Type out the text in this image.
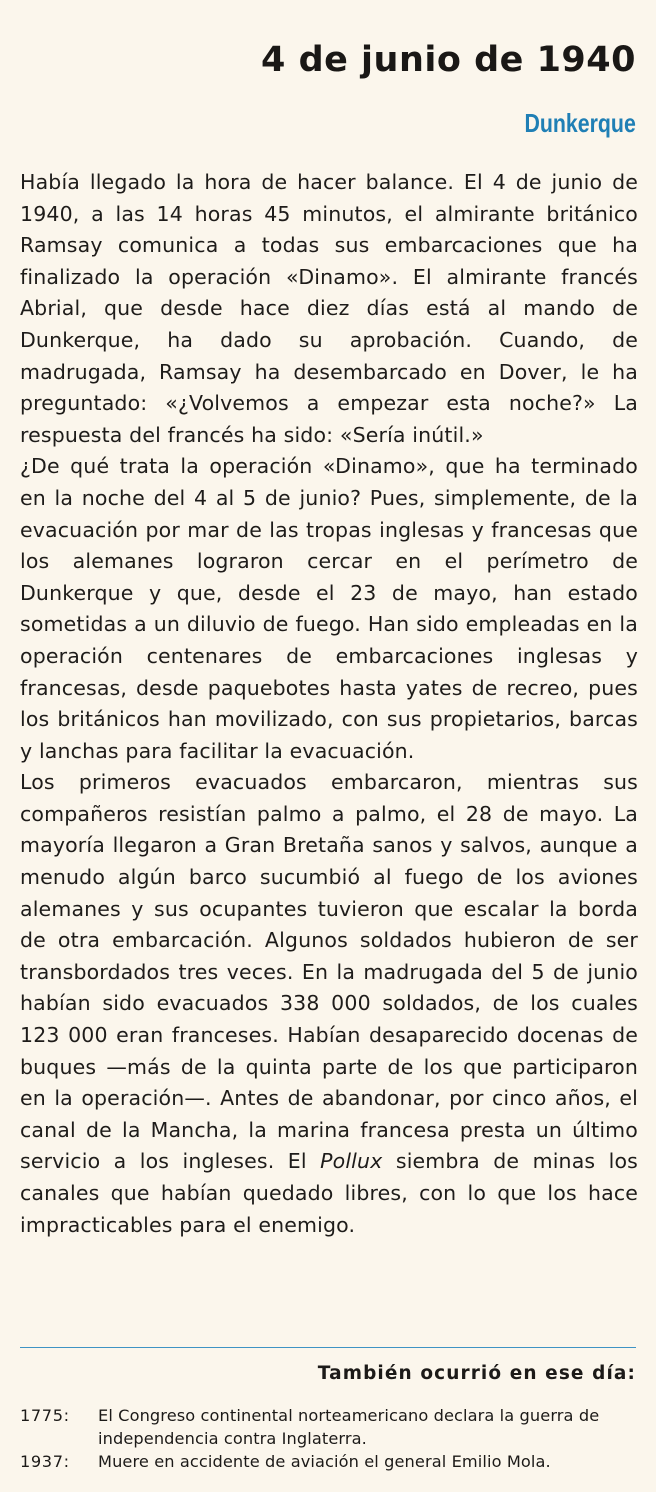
4 de junio de 1940
Dunkerque

Había llegado la hora de hacer balance. El 4 de junio de 1940, a las 14 horas 45 minutos, el almirante británico Ramsay comunica a todas sus embarcaciones que ha finalizado la operación «Dinamo». El almirante francés Abrial, que desde hace diez días está al mando de Dunkerque, ha dado su aprobación. Cuando, de madrugada, Ramsay ha desembarcado en Dover, le ha preguntado: «¿Volvemos a empezar esta noche?» La respuesta del francés ha sido: «Sería inútil.»

¿De qué trata la operación «Dinamo», que ha terminado en la noche del 4 al 5 de junio? Pues, simplemente, de la evacuación por mar de las tropas inglesas y francesas que los alemanes lograron cercar en el perímetro de Dunkerque y que, desde el 23 de mayo, han estado sometidas a un diluvio de fuego. Han sido empleadas en la operación centenares de embarcaciones inglesas y francesas, desde paquebotes hasta yates de recreo, pues los británicos han movilizado, con sus propietarios, barcas y lanchas para facilitar la evacuación.

Los primeros evacuados embarcaron, mientras sus compañeros resistían palmo a palmo, el 28 de mayo. La mayoría llegaron a Gran Bretaña sanos y salvos, aunque a menudo algún barco sucumbió al fuego de los aviones alemanes y sus ocupantes tuvieron que escalar la borda de otra embarcación. Algunos soldados hubieron de ser transbordados tres veces. En la madrugada del 5 de junio habían sido evacuados 338 000 soldados, de los cuales 123 000 eran franceses. Habían desaparecido docenas de buques —más de la quinta parte de los que participaron en la operación—. Antes de abandonar, por cinco años, el canal de la Mancha, la marina francesa presta un último servicio a los ingleses. El Pollux siembra de minas los canales que habían quedado libres, con lo que los hace impracticables para el enemigo.

También ocurrió en ese día:
1775:	El Congreso continental norteamericano declara la guerra de independencia contra Inglaterra.
1937:	Muere en accidente de aviación el general Emilio Mola.
